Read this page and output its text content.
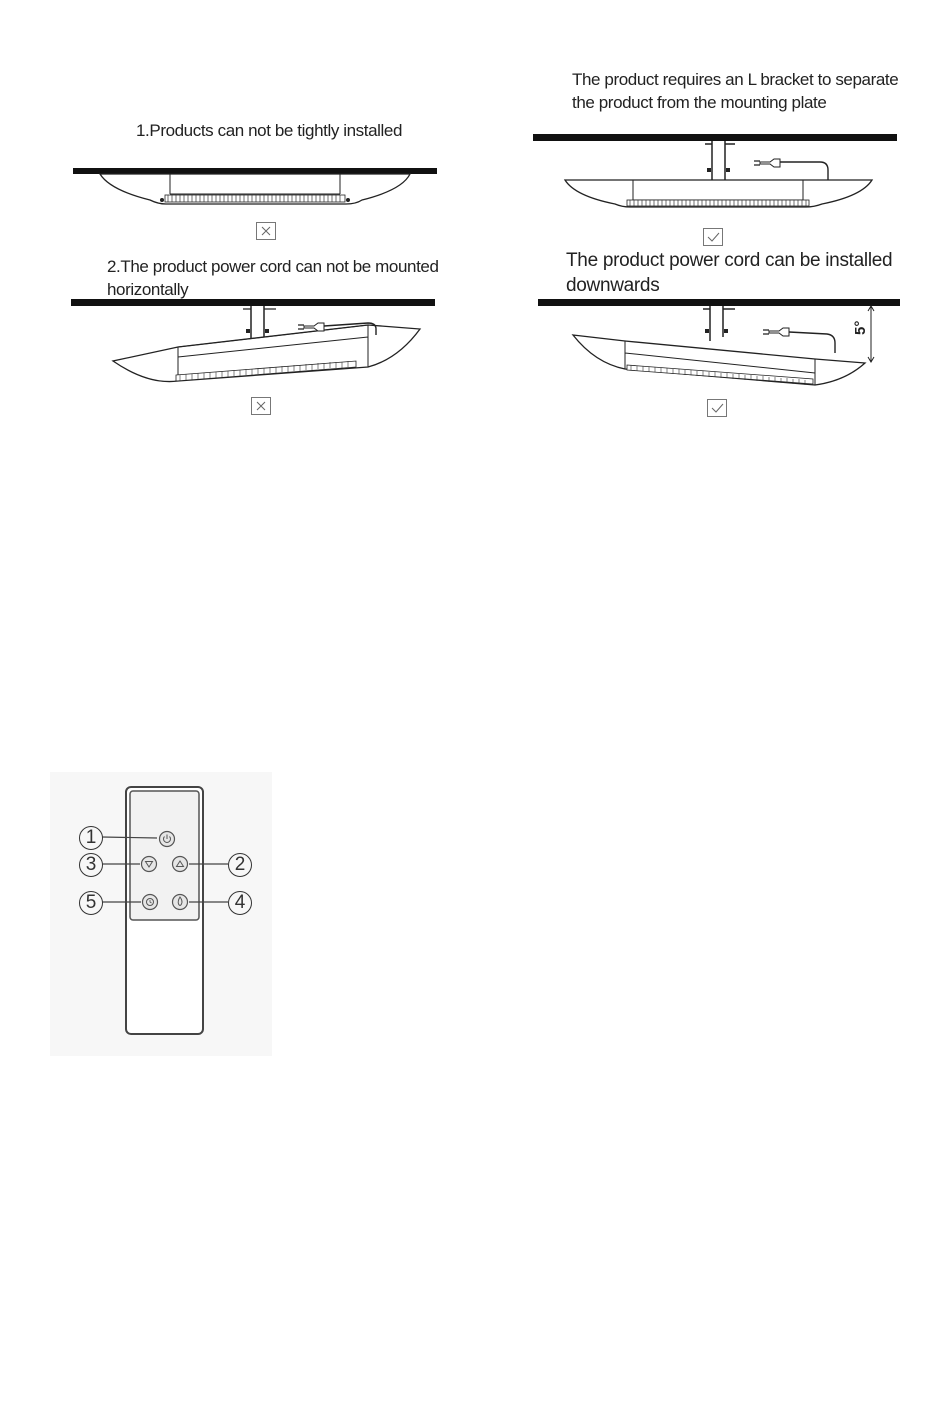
1.Products can not be tightly installed
2.The product power cord can not be mounted
horizontally
The product requires an L bracket to separate
the product from the mounting plate
The product power cord can be installed
downwards
5°
1
2
3
4
5
